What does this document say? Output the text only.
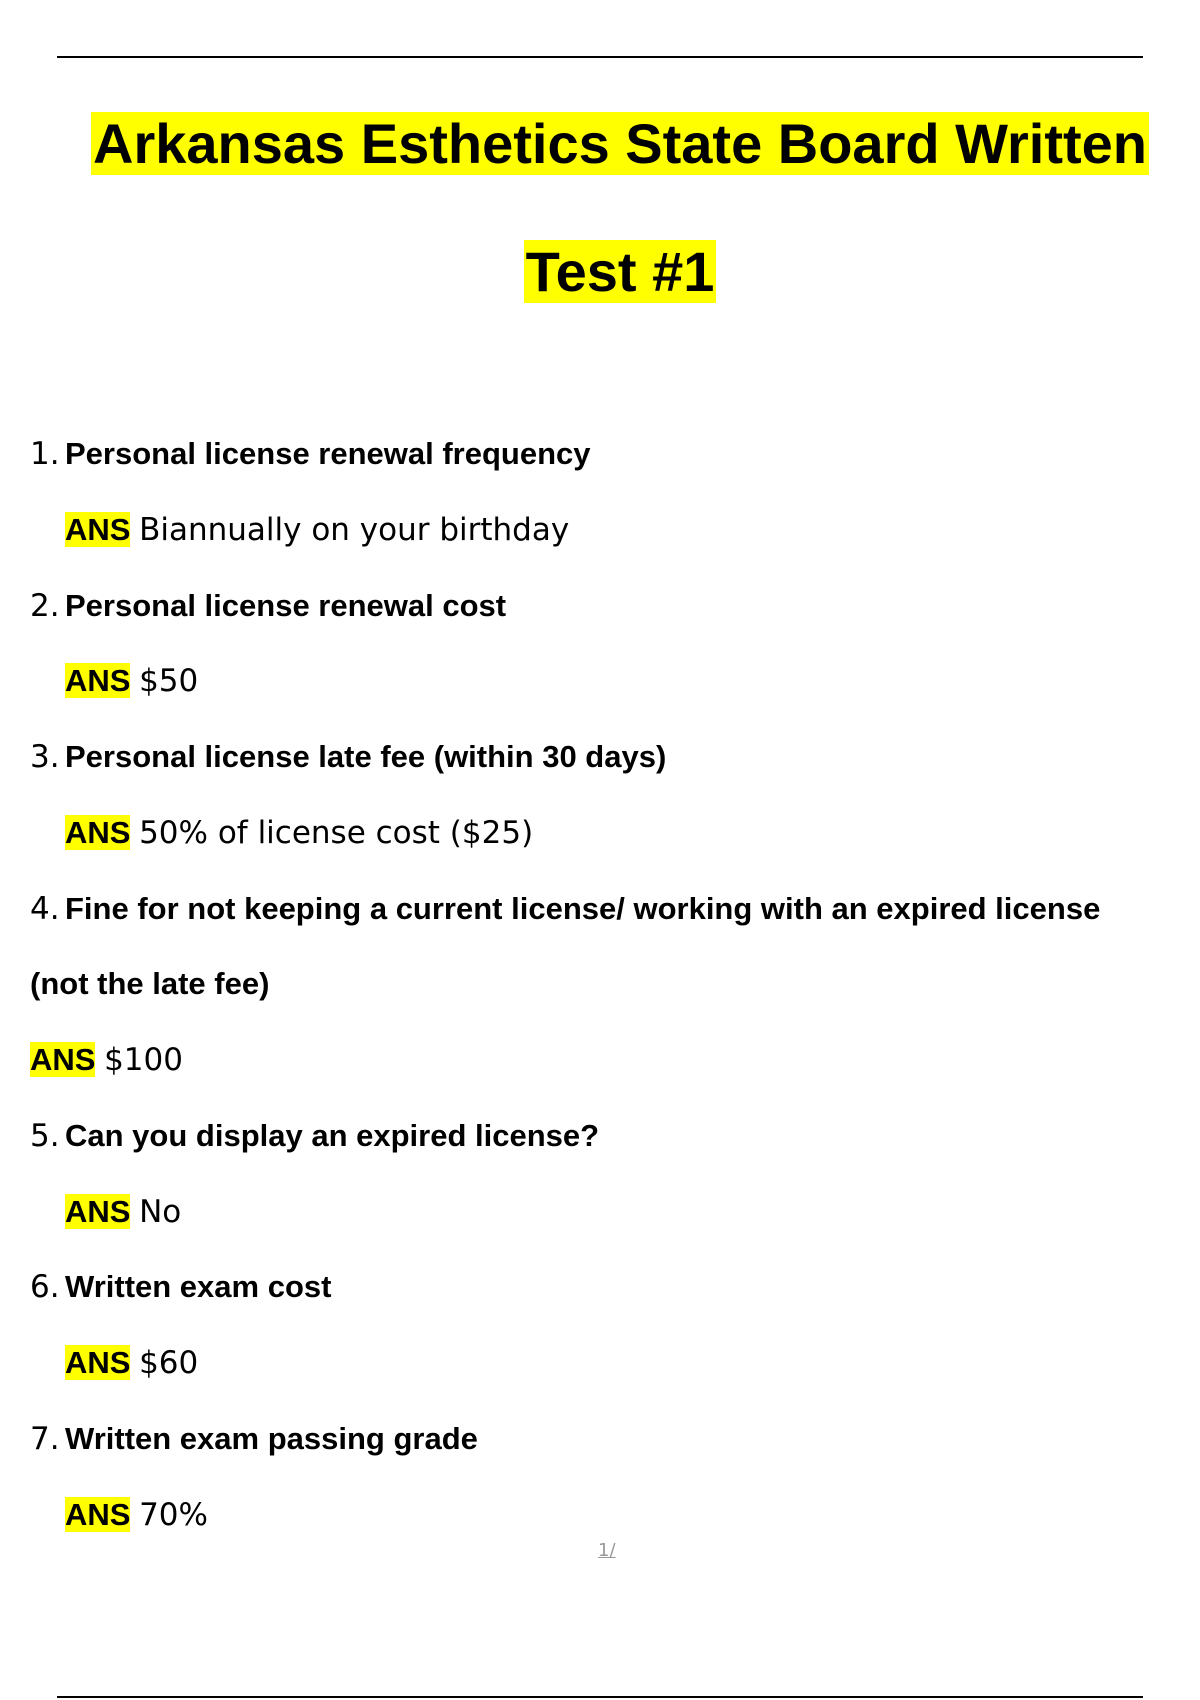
Arkansas Esthetics State Board Written
Test #1
1. Personal license renewal frequency
ANS Biannually on your birthday
2. Personal license renewal cost
ANS $50
3. Personal license late fee (within 30 days)
ANS 50% of license cost ($25)
4. Fine for not keeping a current license/ working with an expired license
(not the late fee)
ANS $100
5. Can you display an expired license?
ANS No
6. Written exam cost
ANS $60
7. Written exam passing grade
ANS 70%
1/
